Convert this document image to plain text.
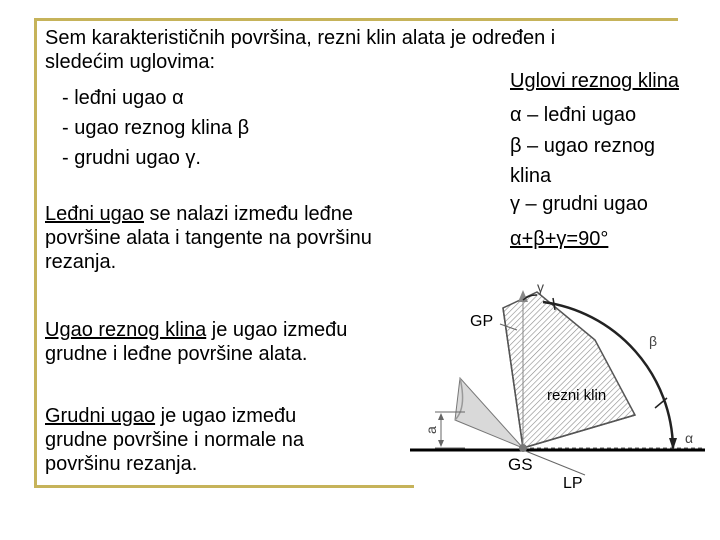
Sem karakterističnih površina, rezni klin alata je određen i
sledećim uglovima:
- leđni ugao α
- ugao reznog klina β
- grudni ugao γ.
Leđni ugao se nalazi između leđne
površine alata i tangente na površinu
rezanja.
Ugao reznog klina je ugao između
grudne i leđne površine alata.
Grudni ugao je ugao između
grudne površine i normale na
površinu rezanja.
Uglovi reznog klina
α – leđni ugao
β – ugao reznog
klina
γ – grudni ugao
α+β+γ=90°
GP
GS
LP
rezni klin
γ
β
α
a
